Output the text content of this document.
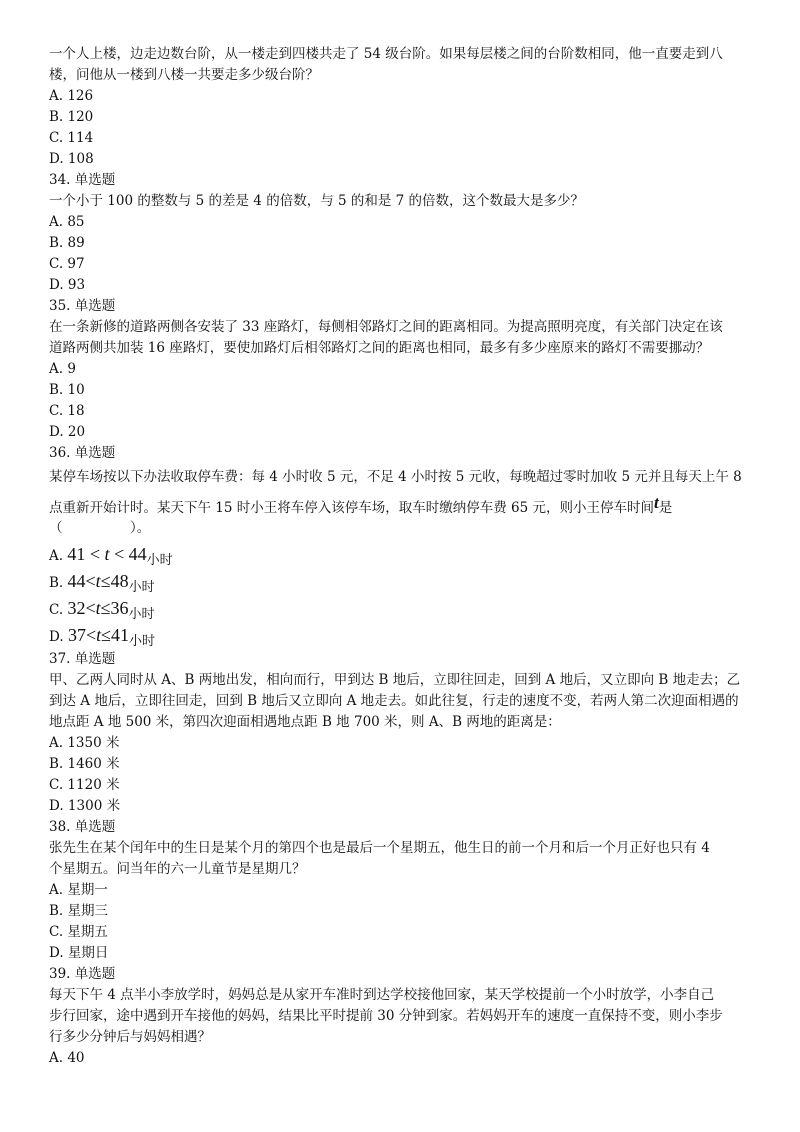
一个人上楼，边走边数台阶，从一楼走到四楼共走了 54 级台阶。如果每层楼之间的台阶数相同，他一直要走到八
楼，问他从一楼到八楼一共要走多少级台阶？
A. 126
B. 120
C. 114
D. 108
34. 单选题
一个小于 100 的整数与 5 的差是 4 的倍数，与 5 的和是 7 的倍数，这个数最大是多少？
A. 85
B. 89
C. 97
D. 93
35. 单选题
在一条新修的道路两侧各安装了 33 座路灯，每侧相邻路灯之间的距离相同。为提高照明亮度，有关部门决定在该
道路两侧共加装 16 座路灯，要使加路灯后相邻路灯之间的距离也相同，最多有多少座原来的路灯不需要挪动？
A. 9
B. 10
C. 18
D. 20
36. 单选题
某停车场按以下办法收取停车费：每 4 小时收 5 元，不足 4 小时按 5 元收，每晚超过零时加收 5 元并且每天上午 8
点重新开始计时。某天下午 15 时小王将车停入该停车场，取车时缴纳停车费 65 元，则小王停车时间t是
（　　　　　）。
A. 41 < t < 44小时
B. 44<t≤48小时
C. 32<t≤36小时
D. 37<t≤41小时
37. 单选题
甲、乙两人同时从 A、B 两地出发，相向而行，甲到达 B 地后，立即往回走，回到 A 地后，又立即向 B 地走去；乙
到达 A 地后，立即往回走，回到 B 地后又立即向 A 地走去。如此往复，行走的速度不变，若两人第二次迎面相遇的
地点距 A 地 500 米，第四次迎面相遇地点距 B 地 700 米，则 A、B 两地的距离是：
A. 1350 米
B. 1460 米
C. 1120 米
D. 1300 米
38. 单选题
张先生在某个闰年中的生日是某个月的第四个也是最后一个星期五，他生日的前一个月和后一个月正好也只有 4
个星期五。问当年的六一儿童节是星期几？
A. 星期一
B. 星期三
C. 星期五
D. 星期日
39. 单选题
每天下午 4 点半小李放学时，妈妈总是从家开车准时到达学校接他回家，某天学校提前一个小时放学，小李自己
步行回家，途中遇到开车接他的妈妈，结果比平时提前 30 分钟到家。若妈妈开车的速度一直保持不变，则小李步
行多少分钟后与妈妈相遇？
A. 40
